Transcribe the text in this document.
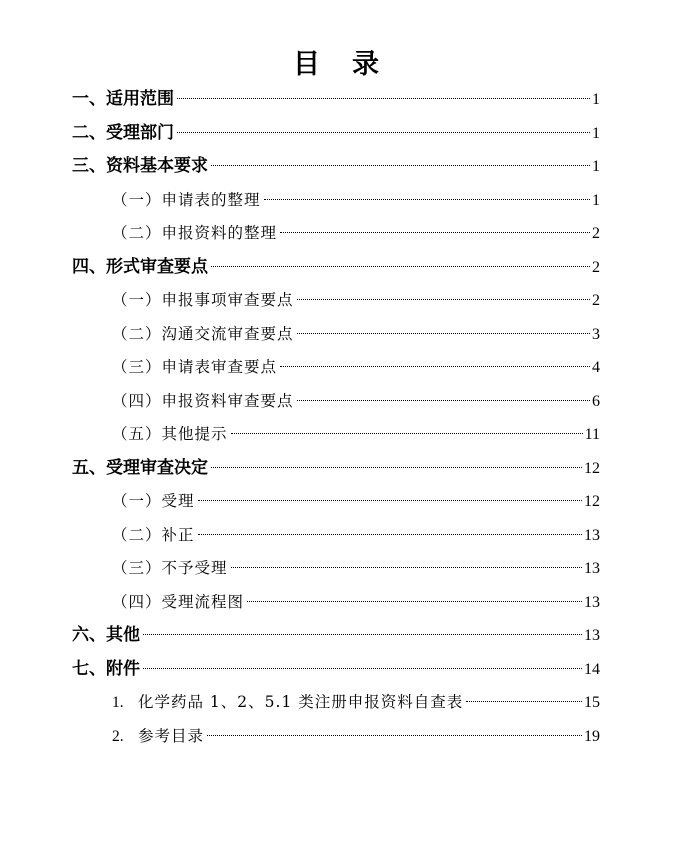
目 录
一、适用范围	1
二、受理部门	1
三、资料基本要求	1
（一）申请表的整理	1
（二）申报资料的整理	2
四、形式审查要点	2
（一）申报事项审查要点	2
（二）沟通交流审查要点	3
（三）申请表审查要点	4
（四）申报资料审查要点	6
（五）其他提示	11
五、受理审查决定	12
（一）受理	12
（二）补正	13
（三）不予受理	13
（四）受理流程图	13
六、其他	13
七、附件	14
1. 化学药品 1、2、5.1 类注册申报资料自查表	15
2. 参考目录	19
